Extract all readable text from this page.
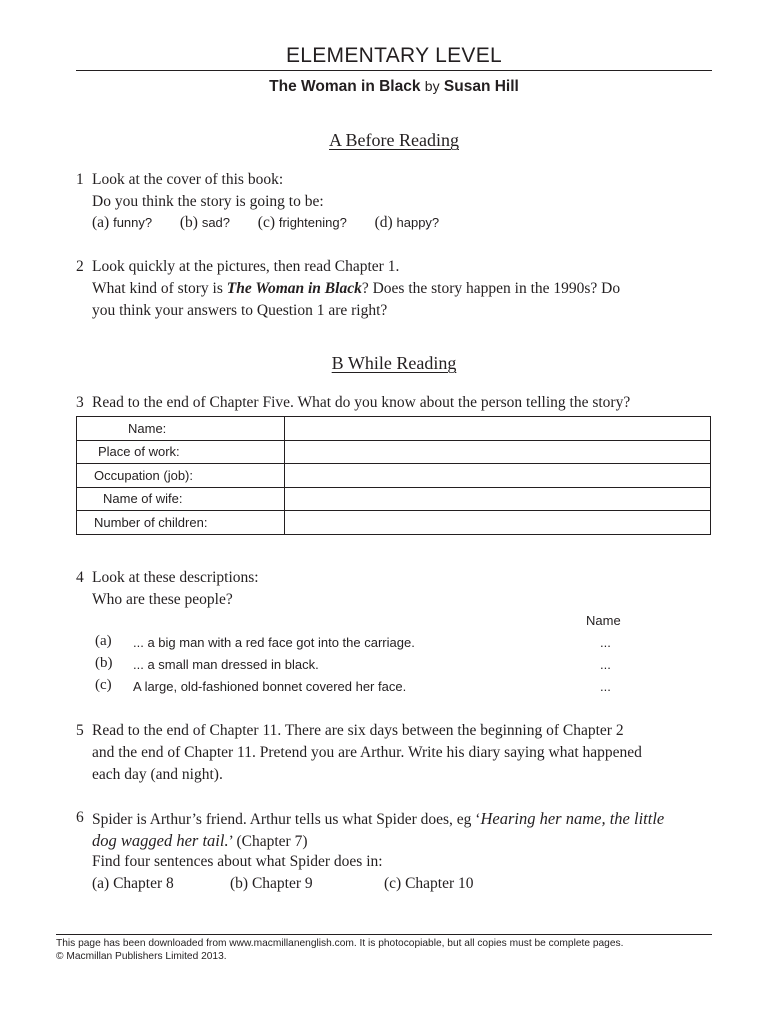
ELEMENTARY LEVEL
The Woman in Black by Susan Hill
A Before Reading
1 Look at the cover of this book:
Do you think the story is going to be:
(a) funny? (b) sad? (c) frightening? (d) happy?
2 Look quickly at the pictures, then read Chapter 1.
What kind of story is The Woman in Black? Does the story happen in the 1990s? Do
you think your answers to Question 1 are right?
B While Reading
3 Read to the end of Chapter Five. What do you know about the person telling the story?
Name:	
Place of work:	
Occupation (job):	
Name of wife:	
Number of children:	
4 Look at these descriptions:
Who are these people?
Name
(a) ... a big man with a red face got into the carriage.	...
(b) ... a small man dressed in black.	...
(c) A large, old-fashioned bonnet covered her face.	...
5 Read to the end of Chapter 11. There are six days between the beginning of Chapter 2
and the end of Chapter 11. Pretend you are Arthur. Write his diary saying what happened
each day (and night).
6 Spider is Arthur’s friend. Arthur tells us what Spider does, eg ‘Hearing her name, the little
dog wagged her tail.’ (Chapter 7)
Find four sentences about what Spider does in:
(a) Chapter 8	(b) Chapter 9	(c) Chapter 10
This page has been downloaded from www.macmillanenglish.com. It is photocopiable, but all copies must be complete pages.
© Macmillan Publishers Limited 2013.
